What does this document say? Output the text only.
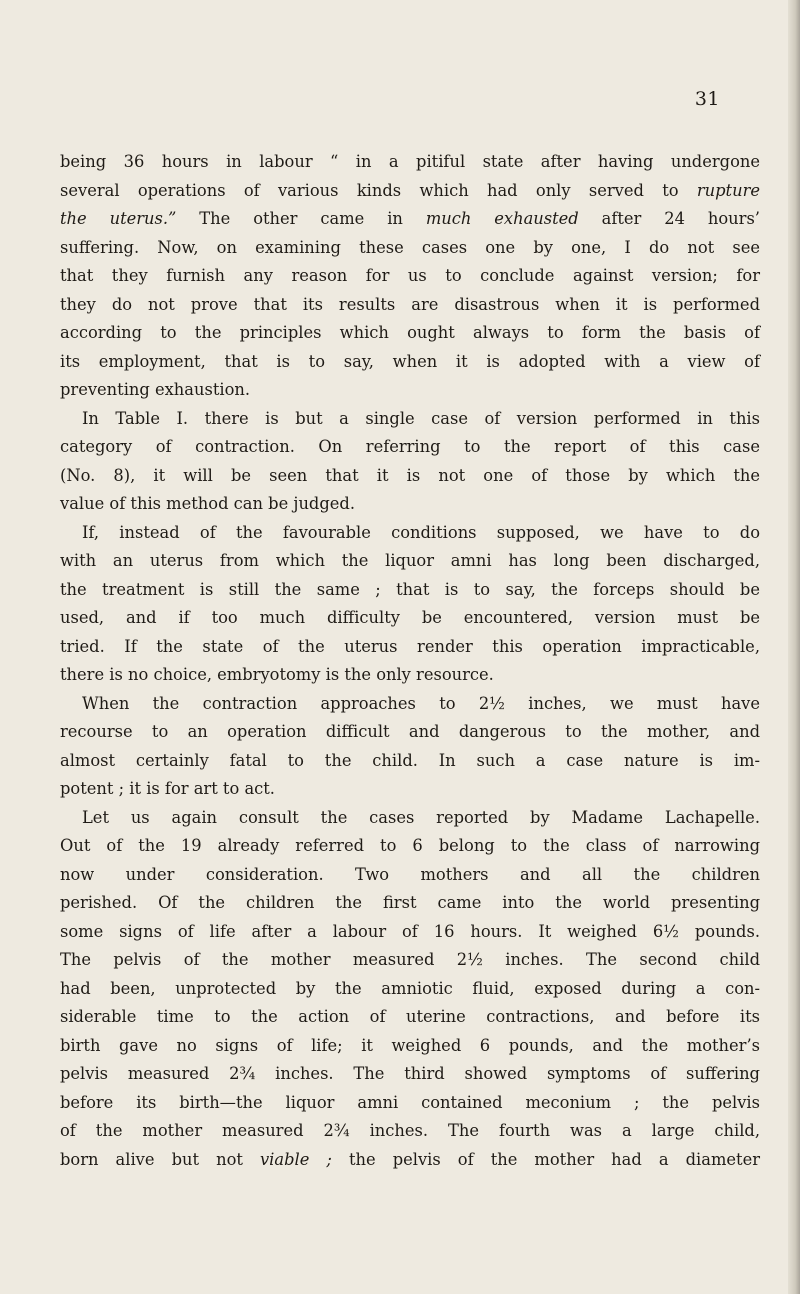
31
being 36 hours in labour “ in a pitiful state after having undergone
several operations of various kinds which had only served to rupture
the uterus.” The other came in much exhausted after 24 hours’
suffering. Now, on examining these cases one by one, I do not see
that they furnish any reason for us to conclude against version; for
they do not prove that its results are disastrous when it is performed
according to the principles which ought always to form the basis of
its employment, that is to say, when it is adopted with a view of
preventing exhaustion.
In Table I. there is but a single case of version performed in this
category of contraction. On referring to the report of this case
(No. 8), it will be seen that it is not one of those by which the
value of this method can be judged.
If, instead of the favourable conditions supposed, we have to do
with an uterus from which the liquor amni has long been discharged,
the treatment is still the same ; that is to say, the forceps should be
used, and if too much difficulty be encountered, version must be
tried. If the state of the uterus render this operation impracticable,
there is no choice, embryotomy is the only resource.
When the contraction approaches to 2½ inches, we must have
recourse to an operation difficult and dangerous to the mother, and
almost certainly fatal to the child. In such a case nature is im-
potent ; it is for art to act.
Let us again consult the cases reported by Madame Lachapelle.
Out of the 19 already referred to 6 belong to the class of narrowing
now under consideration. Two mothers and all the children
perished. Of the children the first came into the world presenting
some signs of life after a labour of 16 hours. It weighed 6½ pounds.
The pelvis of the mother measured 2½ inches. The second child
had been, unprotected by the amniotic fluid, exposed during a con-
siderable time to the action of uterine contractions, and before its
birth gave no signs of life; it weighed 6 pounds, and the mother’s
pelvis measured 2¾ inches. The third showed symptoms of suffering
before its birth—the liquor amni contained meconium ; the pelvis
of the mother measured 2¾ inches. The fourth was a large child,
born alive but not viable ; the pelvis of the mother had a diameter
